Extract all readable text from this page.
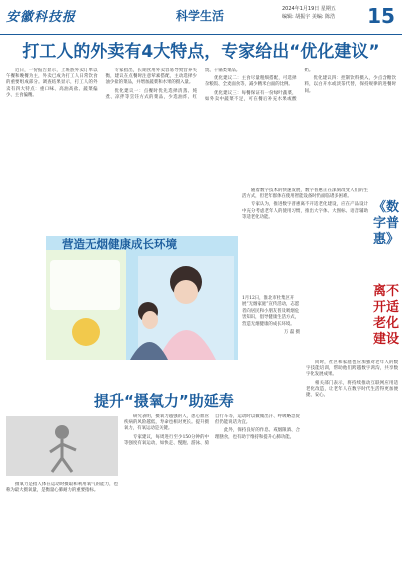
安徽科技报	科学生活	2024年1月19日 星期五
编辑: 胡振宇 美编: 陈浩 15
打工人的外卖有4大特点，专家给出“优化建议”

近日，一份报告显示，上班族外卖订单以午餐和晚餐为主，外卖已成为打工人日常饮食的重要组成部分。调查结果显示，打工人的外卖有四大特点：重口味、高油高盐、蔬菜偏少、主食偏精。

专家指出，长期食用外卖容易导致营养失衡，建议在点餐时注意荤素搭配，主动选择少油少盐的菜品，并增加蔬菜和水果的摄入量。

优化建议一：点餐时优先选择清蒸、炖煮、凉拌等烹饪方式的菜品，少选油炸、红烧、干锅类菜品。

优化建议二：主食尽量粗细搭配，可选择杂粮饭、全麦面食等，减少精米白面的比例。

优化建议三：每餐保证有一份绿叶蔬菜，如外卖中蔬菜不足，可在餐后补充水果或酸奶。

优化建议四：控制饮料摄入，少点含糖饮料，以白开水或淡茶代替，保持规律的进餐时间。

营造无烟健康成长环境
1月12日，淮北市杜集区开展“无烟家庭”宣传活动，志愿者向居民和小朋友普及吸烟危害知识，倡导健康生活方式，营造无烟健康的成长环境。
万 磊 摄

随着数字技术的快速发展，数字普惠正在深刻改变人们的生活方式，但老年群体在使用智能设备时仍面临诸多困难。

专家认为，推进数字普惠离不开适老化建设，应在产品设计中充分考虑老年人的使用习惯，推出大字体、大图标、语音辅助等适老化功能。

《数字普惠》
离不开适老化建设

同时，社区和家庭也应加强对老年人的数字技能培训，帮助他们跨越数字鸿沟，共享数字化发展成果。

相关部门表示，将持续推动互联网应用适老化改造，让老年人在数字时代生活得更加便捷、安心。

提升“摄氧力”助延寿

摄氧力是指人体在运动时摄取和利用氧气的能力，也称为最大摄氧量，是衡量心肺耐力的重要指标。

研究表明，摄氧力越强的人，患心血管疾病的风险越低，寿命也相对更长。提升摄氧力，有氧运动是关键。

专家建议，每周进行至少150分钟的中等强度有氧运动，如快走、慢跑、游泳、骑自行车等，运动时以微微出汗、呼吸略急促但仍能说话为宜。

此外，保持良好的作息、戒烟限酒、合理膳食，也有助于维持和提升心肺功能。
